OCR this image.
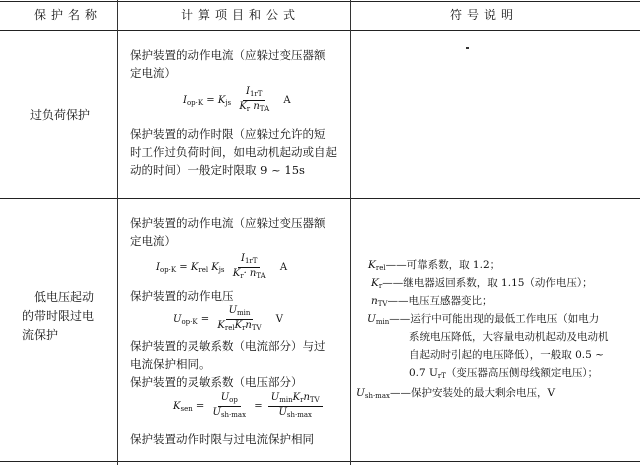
保护名称	计算项目和公式	符号说明
过负荷保护
保护装置的动作电流（应躲过变压器额
定电流）
$I_{op\cdot K} = K_{js} \frac{I_{1rT}}{K_r n_{TA}}$ A
保护装置的动作时限（应躲过允许的短
时工作过负荷时间，如电动机起动或自起
动的时间）一般定时限取 9 ~ 15s
低电压起动
的带时限过电
流保护
保护装置的动作电流（应躲过变压器额
定电流）
$I_{op\cdot K} = K_{rel}$ $K_{js} \frac{I_{1rT}}{K_r\cdot n_{TA}}$ A
保护装置的动作电压
$U_{op\cdot K} = \frac{U_{min}}{K_{rel}K_rn_{TV}}$ V
保护装置的灵敏系数（电流部分）与过
电流保护相同。
保护装置的灵敏系数（电压部分）
$K_{sen} = \frac{U_{op}}{U_{sh\cdot max}} = \frac{U_{min}K_rn_{TV}}{U_{sh\cdot max}}$
保护装置动作时限与过电流保护相同
$K_{rel}——$可靠系数，取 1.2；
$K_r——$继电器返回系数，取 1.15（动作电压）；
$n_{TV}——$电压互感器变比；
$U_{min}——$运行中可能出现的最低工作电压（如电力
系统电压降低，大容量电动机起动及电动机
自起动时引起的电压降低），一般取 0.5 ~
0.7 $U_{rT}$（变压器高压侧母线额定电压）；
$U_{sh\cdot max}——$保护安装处的最大剩余电压，V
